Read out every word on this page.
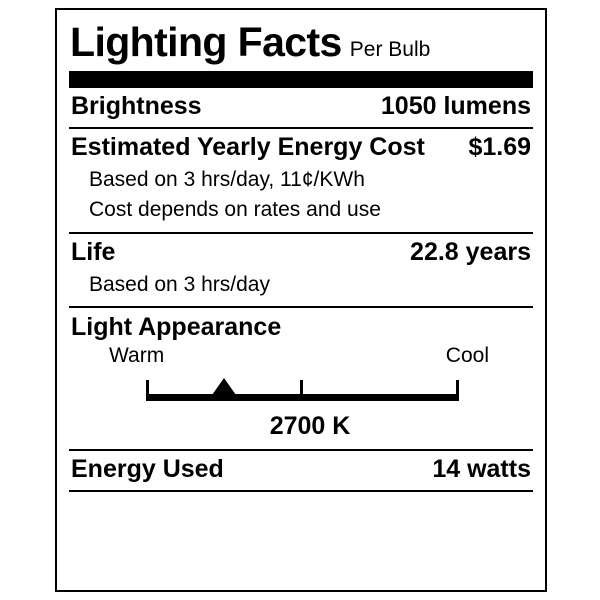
Lighting Facts Per Bulb
Brightness	1050 lumens
Estimated Yearly Energy Cost $1.69
Based on 3 hrs/day, 11¢/KWh
Cost depends on rates and use
Life	22.8 years
Based on 3 hrs/day
Light Appearance
Warm	Cool
2700 K
Energy Used	14 watts
